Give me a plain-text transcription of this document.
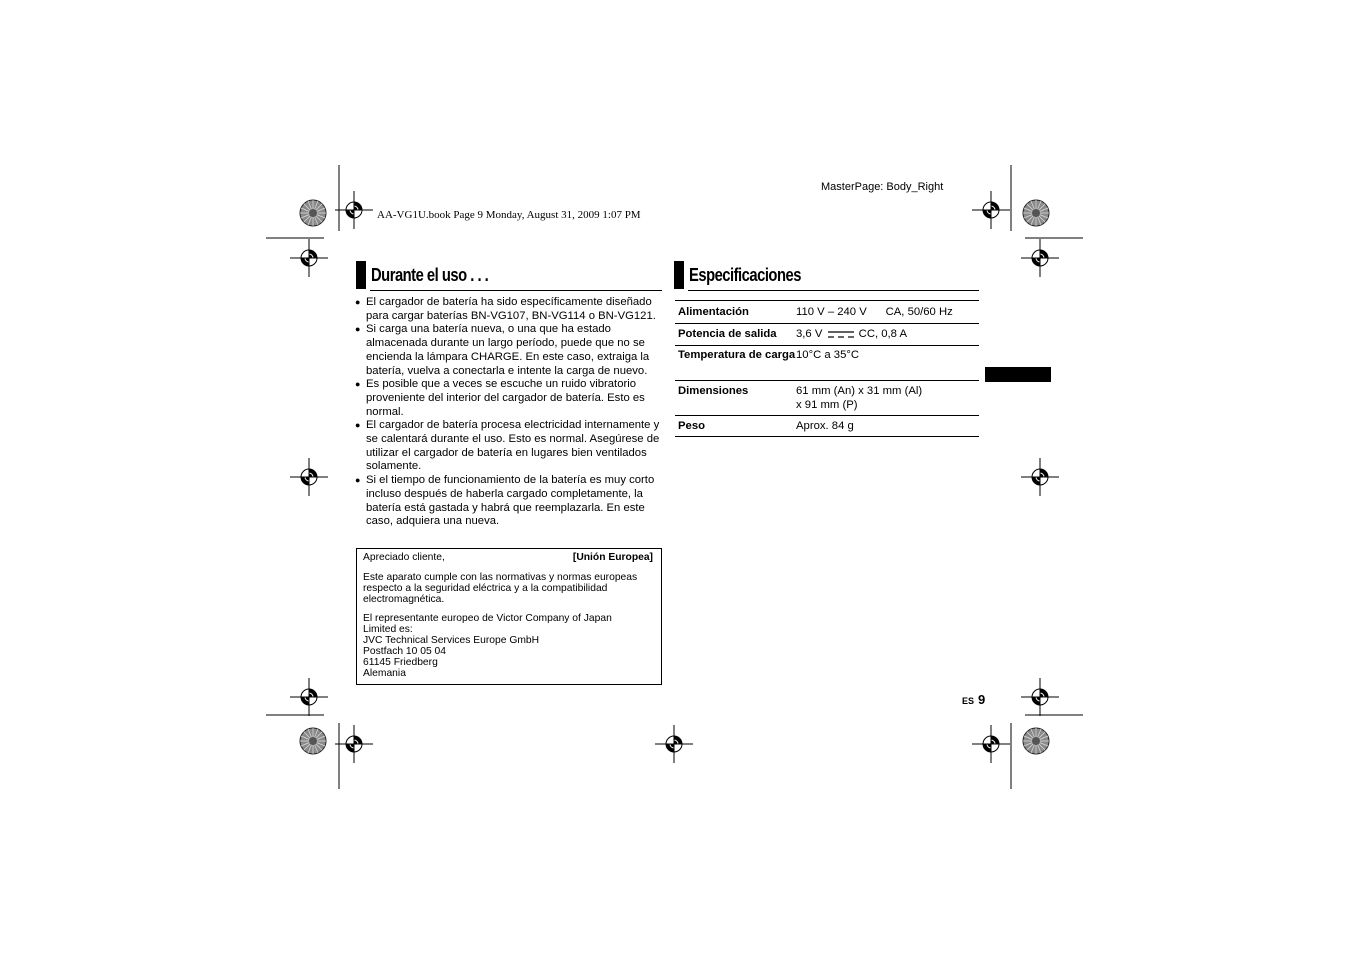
AA-VG1U.book Page 9 Monday, August 31, 2009 1:07 PM
MasterPage: Body_Right
Durante el uso . . .
● El cargador de batería ha sido específicamente diseñado para cargar baterías BN-VG107, BN-VG114 o BN-VG121.
● Si carga una batería nueva, o una que ha estado almacenada durante un largo período, puede que no se encienda la lámpara CHARGE. En este caso, extraiga la batería, vuelva a conectarla e intente la carga de nuevo.
● Es posible que a veces se escuche un ruido vibratorio proveniente del interior del cargador de batería. Esto es normal.
● El cargador de batería procesa electricidad internamente y se calentará durante el uso. Esto es normal. Asegúrese de utilizar el cargador de batería en lugares bien ventilados solamente.
● Si el tiempo de funcionamiento de la batería es muy corto incluso después de haberla cargado completamente, la batería está gastada y habrá que reemplazarla. En este caso, adquiera una nueva.
Apreciado cliente,	[Unión Europea]

Este aparato cumple con las normativas y normas europeas respecto a la seguridad eléctrica y a la compatibilidad electromagnética.

El representante europeo de Victor Company of Japan

Limited es:

JVC Technical Services Europe GmbH

Postfach 10 05 04

61145 Friedberg

Alemania

Especificaciones
Alimentación	110 V – 240 V      CA, 50/60 Hz
Potencia de salida	3,6 V CC, 0,8 A
Temperatura de carga	10°C a 35°C
Dimensiones	61 mm (An) x 31 mm (Al)
x 91 mm (P)

Peso	Aprox. 84 g
ES 9
